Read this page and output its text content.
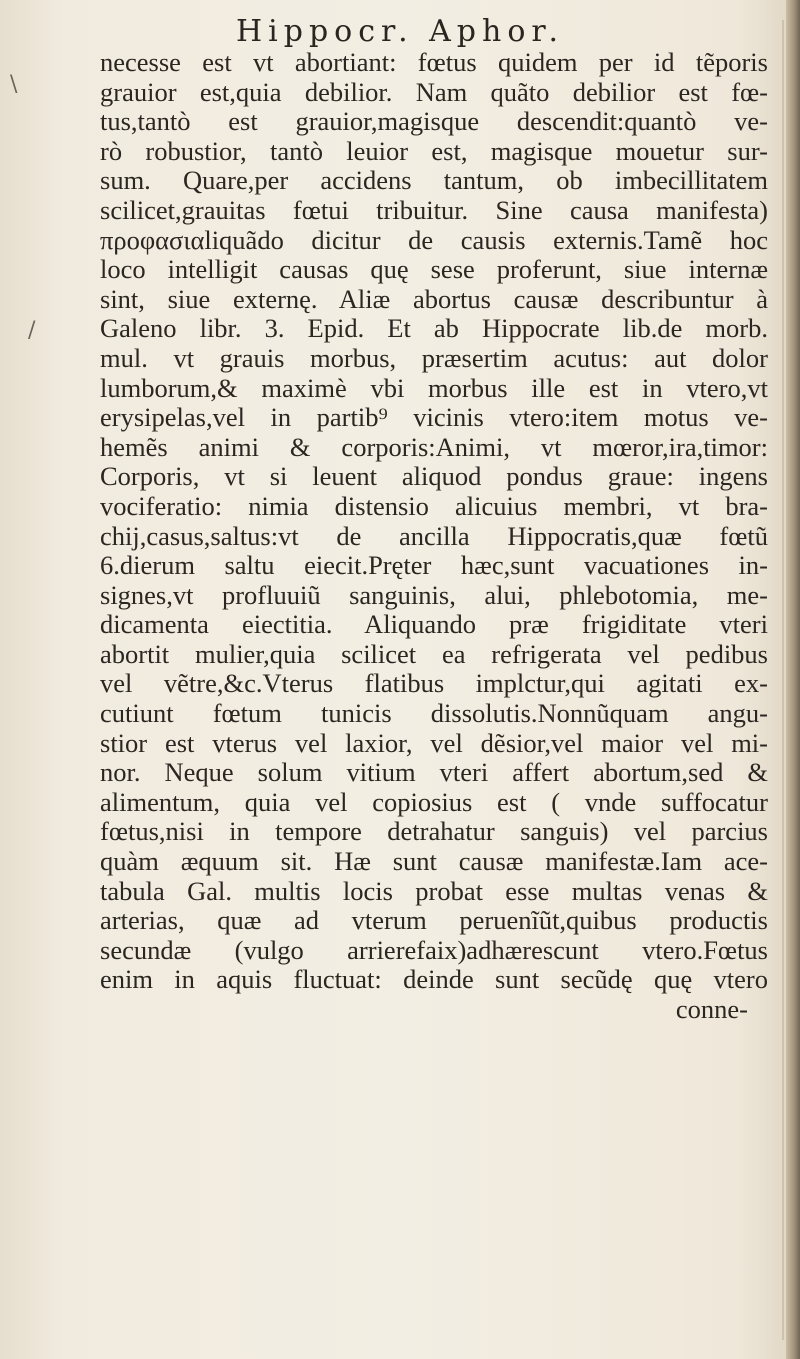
Hippocr. Aphor.
\
/
necesse est vt abortiant: fœtus quidem per id tẽporis
grauior est,quia debilior. Nam quãto debilior est fœ-
tus,tantò est grauior,magisque descendit:quantò ve-
rò robustior, tantò leuior est, magisque mouetur sur-
sum. Quare,per accidens tantum, ob imbecillitatem
scilicet,grauitas fœtui tribuitur. Sine causa manifesta)
προφασιαliquãdo dicitur de causis externis.Tamẽ hoc
loco intelligit causas quę sese proferunt, siue internæ
sint, siue externę. Aliæ abortus causæ describuntur à
Galeno libr. 3. Epid. Et ab Hippocrate lib.de morb.
mul. vt grauis morbus, præsertim acutus: aut dolor
lumborum,& maximè vbi morbus ille est in vtero,vt
erysipelas,vel in partib⁹ vicinis vtero:item motus ve-
hemẽs animi & corporis:Animi, vt mœror,ira,timor:
Corporis, vt si leuent aliquod pondus graue: ingens
vociferatio: nimia distensio alicuius membri, vt bra-
chij,casus,saltus:vt de ancilla Hippocratis,quæ fœtũ
6.dierum saltu eiecit.Pręter hæc,sunt vacuationes in-
signes,vt profluuiũ sanguinis, alui, phlebotomia, me-
dicamenta eiectitia. Aliquando præ frigiditate vteri
abortit mulier,quia scilicet ea refrigerata vel pedibus
vel vẽtre,&c.Vterus flatibus implctur,qui agitati ex-
cutiunt fœtum tunicis dissolutis.Nonnũquam angu-
stior est vterus vel laxior, vel dẽsior,vel maior vel mi-
nor. Neque solum vitium vteri affert abortum,sed &
alimentum, quia vel copiosius est ( vnde suffocatur
fœtus,nisi in tempore detrahatur sanguis) vel parcius
quàm æquum sit. Hæ sunt causæ manifestæ.Iam ace-
tabula Gal. multis locis probat esse multas venas &
arterias, quæ ad vterum peruenĩũt,quibus productis
secundæ (vulgo arrierefaix)adhærescunt vtero.Fœtus
enim in aquis fluctuat: deinde sunt secũdę quę vtero
conne-
